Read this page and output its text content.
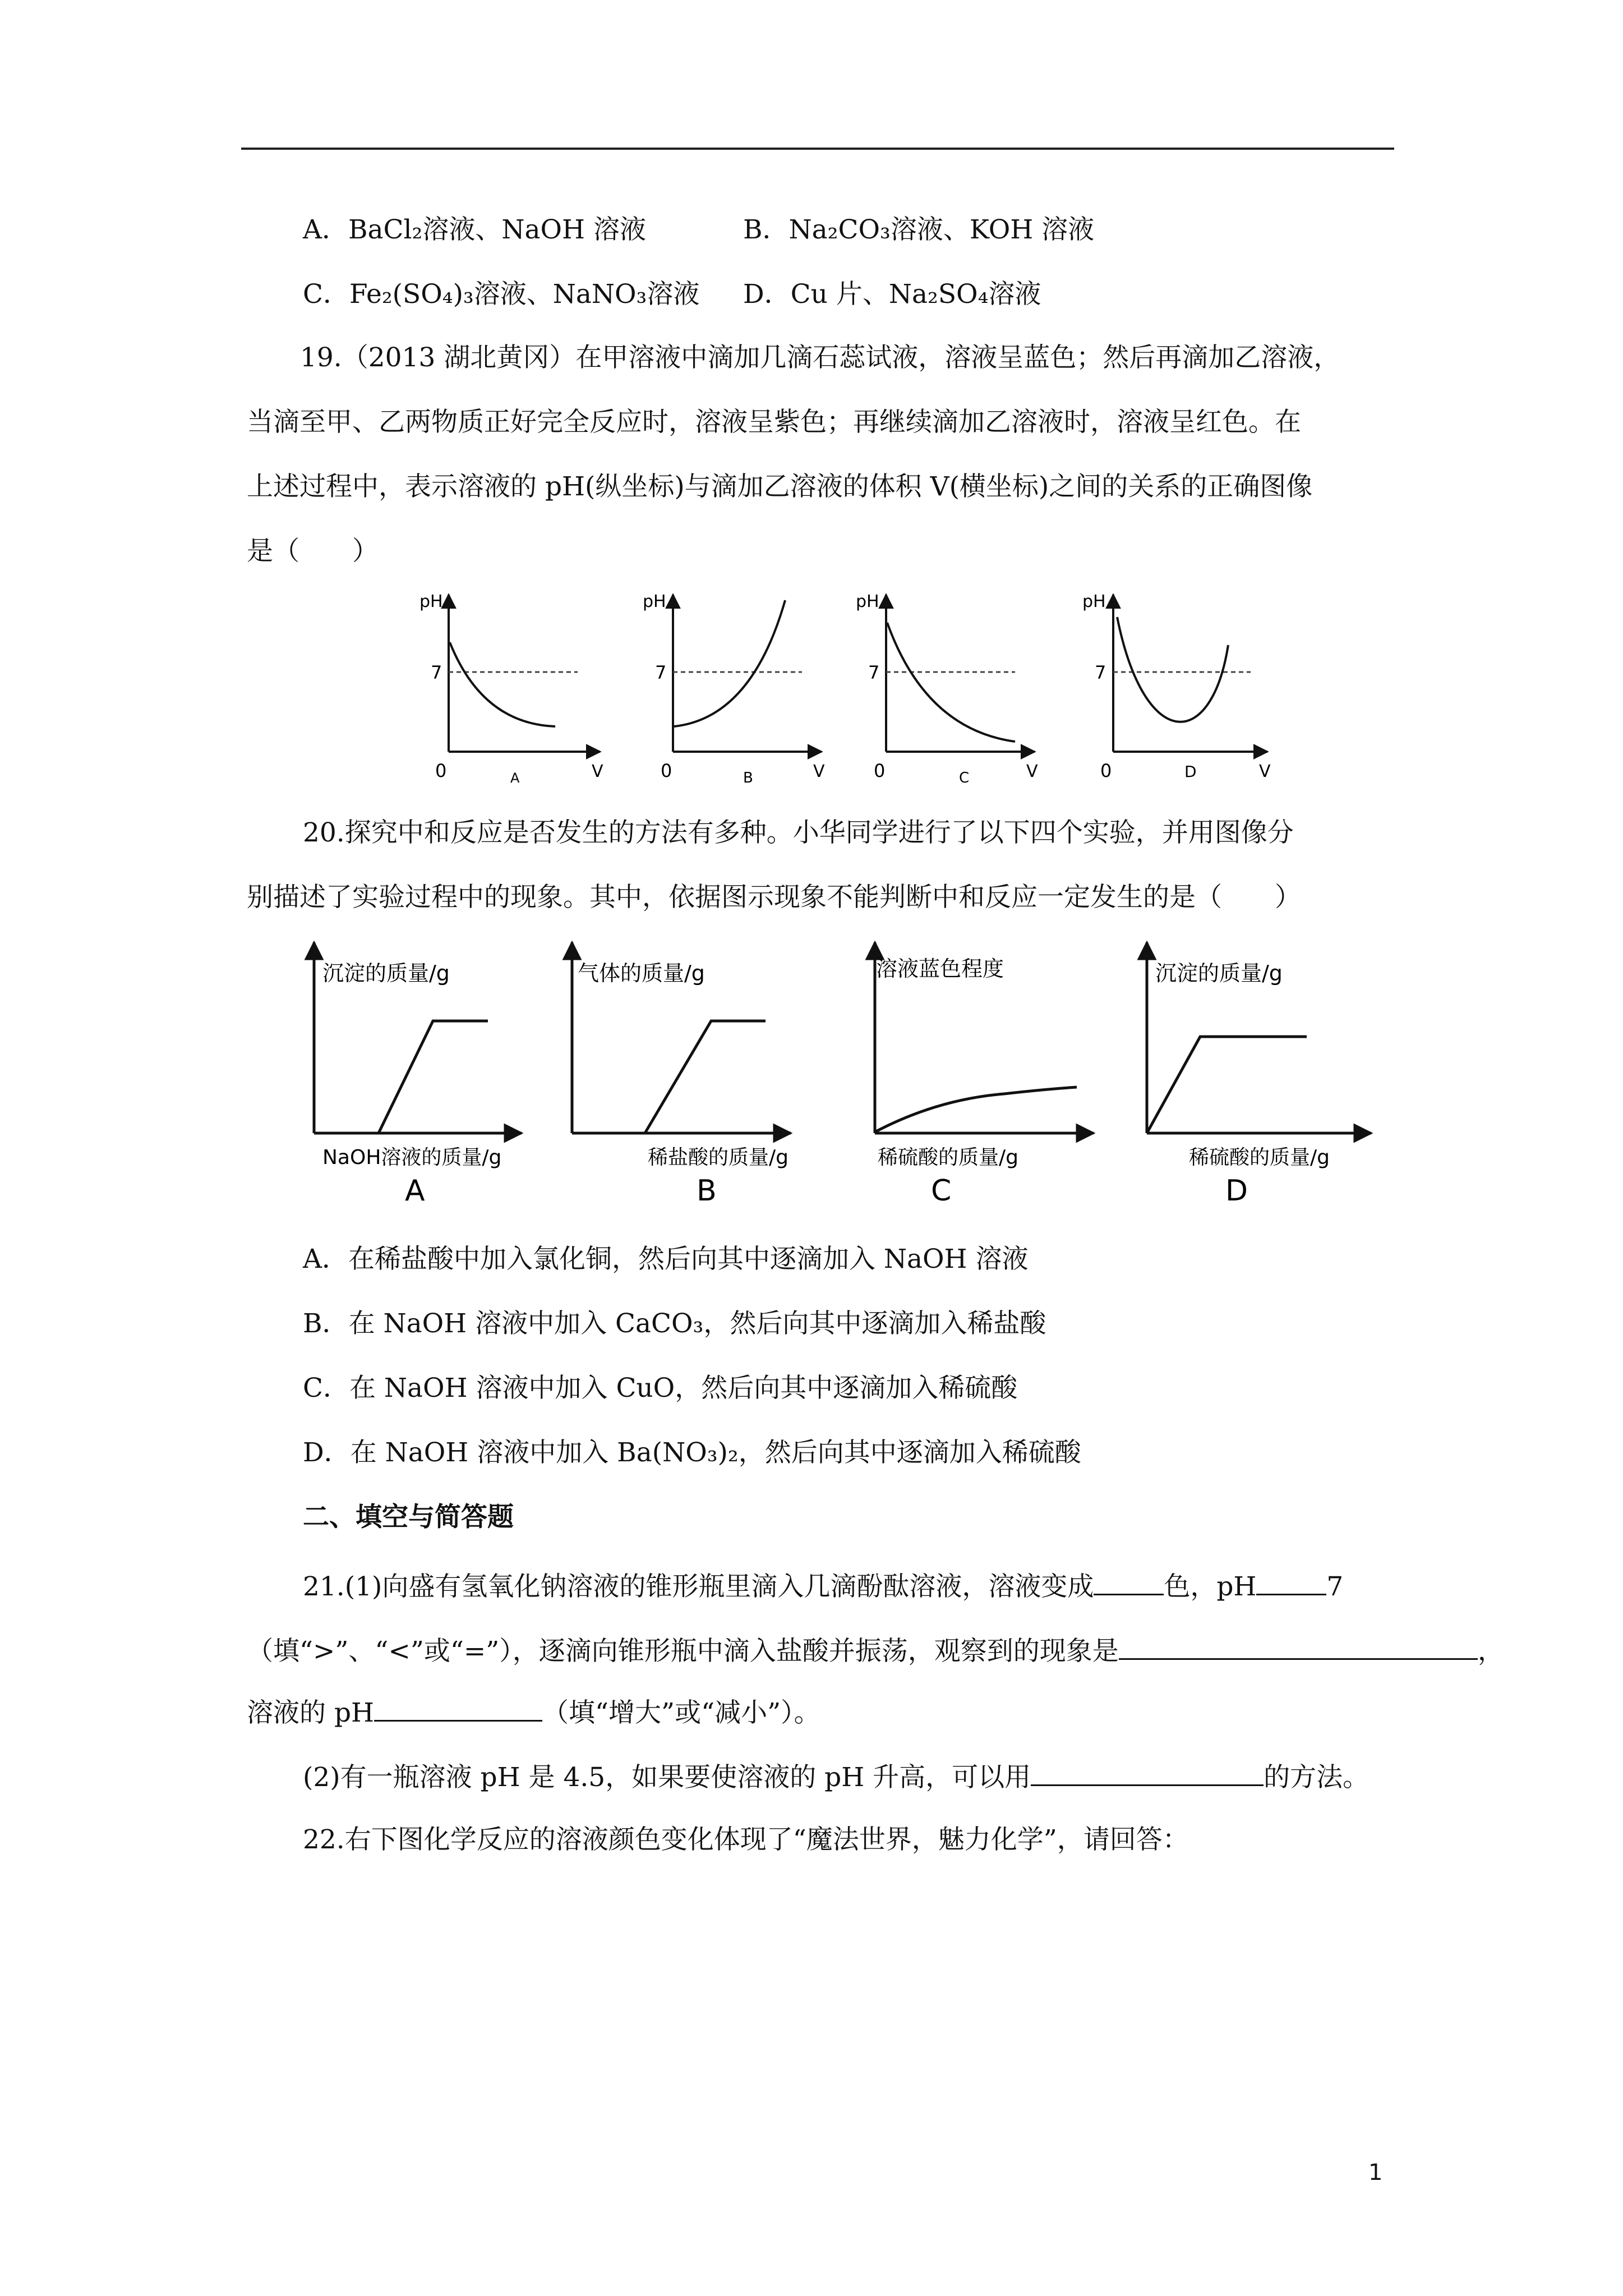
A．BaCl₂溶液、NaOH 溶液	B．Na₂CO₃溶液、KOH 溶液
C．Fe₂(SO₄)₃溶液、NaNO₃溶液 D．Cu 片、Na₂SO₄溶液
19.（2013 湖北黄冈）在甲溶液中滴加几滴石蕊试液，溶液呈蓝色；然后再滴加乙溶液，
当滴至甲、乙两物质正好完全反应时，溶液呈紫色；再继续滴加乙溶液时，溶液呈红色。在
上述过程中，表示溶液的 pH(纵坐标)与滴加乙溶液的体积 V(横坐标)之间的关系的正确图像
是（　　）
pH
7
0	V
A
pH
7
0	V
B
pH
7
0	V
C
pH
7
0	V
D
20.探究中和反应是否发生的方法有多种。小华同学进行了以下四个实验，并用图像分
别描述了实验过程中的现象。其中，依据图示现象不能判断中和反应一定发生的是（　　）
沉淀的质量/g
NaOH溶液的质量/g
A
气体的质量/g
稀盐酸的质量/g
B
溶液蓝色程度
稀硫酸的质量/g
C
沉淀的质量/g
稀硫酸的质量/g
D
A．在稀盐酸中加入氯化铜，然后向其中逐滴加入 NaOH 溶液
B．在 NaOH 溶液中加入 CaCO₃，然后向其中逐滴加入稀盐酸
C．在 NaOH 溶液中加入 CuO，然后向其中逐滴加入稀硫酸
D．在 NaOH 溶液中加入 Ba(NO₃)₂，然后向其中逐滴加入稀硫酸
二、填空与简答题
21.(1)向盛有氢氧化钠溶液的锥形瓶里滴入几滴酚酞溶液，溶液变成	色，pH	7
（填“>”、“<”或“=”），逐滴向锥形瓶中滴入盐酸并振荡，观察到的现象是	，
溶液的 pH	（填“增大”或“减小”）。
(2)有一瓶溶液 pH 是 4.5，如果要使溶液的 pH 升高，可以用	的方法。
22.右下图化学反应的溶液颜色变化体现了“魔法世界，魅力化学”，请回答：
1
